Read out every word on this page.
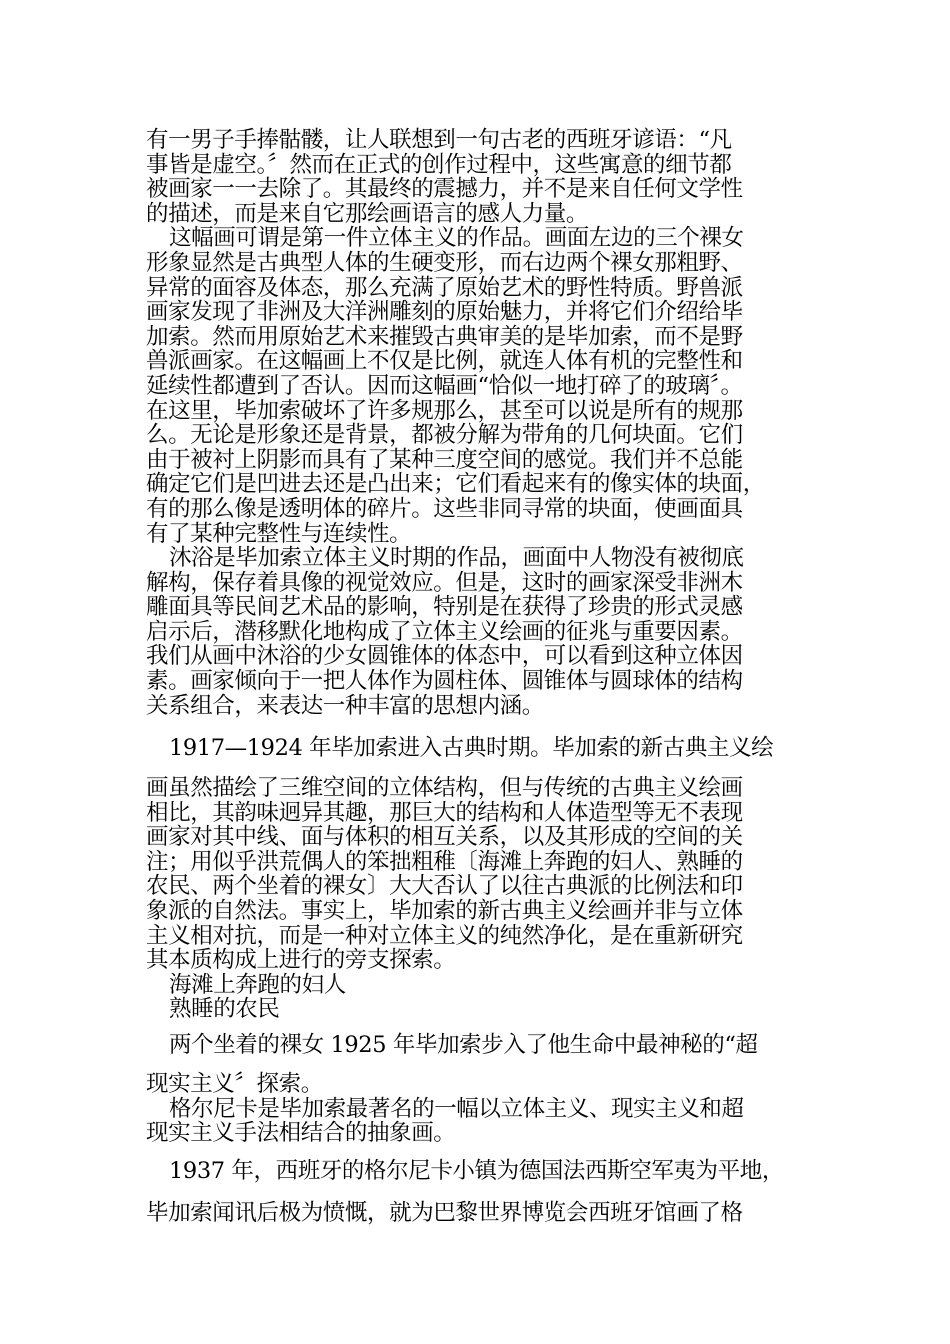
有一男子手捧骷髅，让人联想到一句古老的西班牙谚语：“凡

事皆是虚空。〞然而在正式的创作过程中，这些寓意的细节都

被画家一一去除了。其最终的震撼力，并不是来自任何文学性

的描述，而是来自它那绘画语言的感人力量。

这幅画可谓是第一件立体主义的作品。画面左边的三个裸女

形象显然是古典型人体的生硬变形，而右边两个裸女那粗野、

异常的面容及体态，那么充满了原始艺术的野性特质。野兽派

画家发现了非洲及大洋洲雕刻的原始魅力，并将它们介绍给毕

加索。然而用原始艺术来摧毁古典审美的是毕加索，而不是野

兽派画家。在这幅画上不仅是比例，就连人体有机的完整性和

延续性都遭到了否认。因而这幅画“恰似一地打碎了的玻璃〞。

在这里，毕加索破坏了许多规那么，甚至可以说是所有的规那

么。无论是形象还是背景，都被分解为带角的几何块面。它们

由于被衬上阴影而具有了某种三度空间的感觉。我们并不总能

确定它们是凹进去还是凸出来；它们看起来有的像实体的块面，

有的那么像是透明体的碎片。这些非同寻常的块面，使画面具

有了某种完整性与连续性。

沐浴是毕加索立体主义时期的作品，画面中人物没有被彻底

解构，保存着具像的视觉效应。但是，这时的画家深受非洲木

雕面具等民间艺术品的影响，特别是在获得了珍贵的形式灵感

启示后，潜移默化地构成了立体主义绘画的征兆与重要因素。

我们从画中沐浴的少女圆锥体的体态中，可以看到这种立体因

素。画家倾向于一把人体作为圆柱体、圆锥体与圆球体的结构

关系组合，来表达一种丰富的思想内涵。

1917—1924 年毕加索进入古典时期。毕加索的新古典主义绘

画虽然描绘了三维空间的立体结构，但与传统的古典主义绘画

相比，其韵味迥异其趣，那巨大的结构和人体造型等无不表现

画家对其中线、面与体积的相互关系，以及其形成的空间的关

注；用似乎洪荒偶人的笨拙粗稚〔海滩上奔跑的妇人、熟睡的

农民、两个坐着的裸女〕大大否认了以往古典派的比例法和印

象派的自然法。事实上，毕加索的新古典主义绘画并非与立体

主义相对抗，而是一种对立体主义的纯然净化，是在重新研究

其本质构成上进行的旁支探索。

海滩上奔跑的妇人

熟睡的农民

两个坐着的裸女 1925 年毕加索步入了他生命中最神秘的“超

现实主义〞探索。

格尔尼卡是毕加索最著名的一幅以立体主义、现实主义和超

现实主义手法相结合的抽象画。

1937 年，西班牙的格尔尼卡小镇为德国法西斯空军夷为平地，

毕加索闻讯后极为愤慨，就为巴黎世界博览会西班牙馆画了格
